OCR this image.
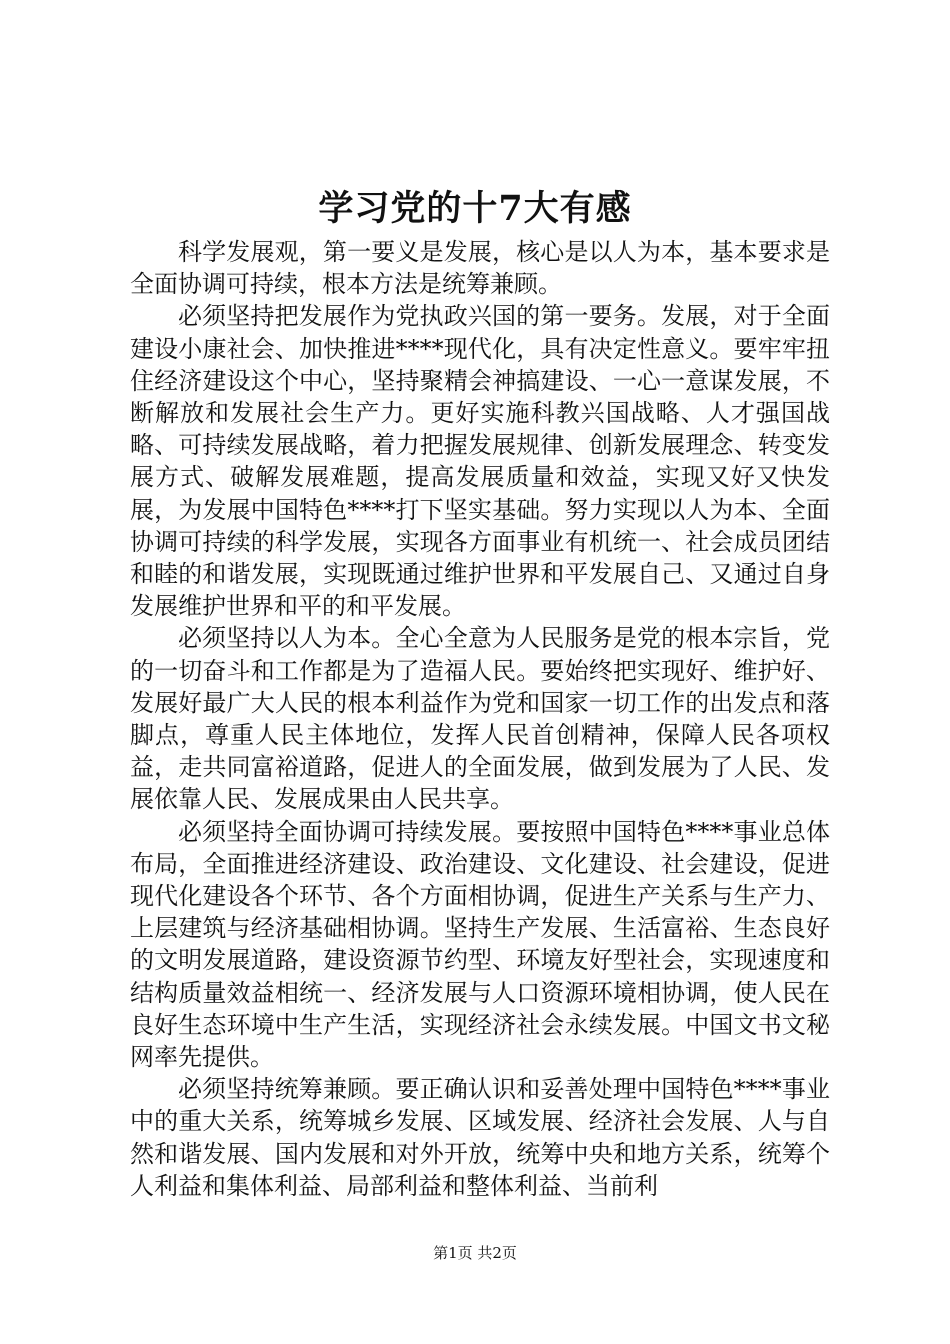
学习党的十7大有感

科学发展观，第一要义是发展，核心是以人为本，基本要求是全面协调可持续，根本方法是统筹兼顾。

必须坚持把发展作为党执政兴国的第一要务。发展，对于全面建设小康社会、加快推进****现代化，具有决定性意义。要牢牢扭住经济建设这个中心，坚持聚精会神搞建设、一心一意谋发展，不断解放和发展社会生产力。更好实施科教兴国战略、人才强国战略、可持续发展战略，着力把握发展规律、创新发展理念、转变发展方式、破解发展难题，提高发展质量和效益，实现又好又快发展，为发展中国特色****打下坚实基础。努力实现以人为本、全面协调可持续的科学发展，实现各方面事业有机统一、社会成员团结和睦的和谐发展，实现既通过维护世界和平发展自己、又通过自身发展维护世界和平的和平发展。

必须坚持以人为本。全心全意为人民服务是党的根本宗旨，党的一切奋斗和工作都是为了造福人民。要始终把实现好、维护好、发展好最广大人民的根本利益作为党和国家一切工作的出发点和落脚点，尊重人民主体地位，发挥人民首创精神，保障人民各项权益，走共同富裕道路，促进人的全面发展，做到发展为了人民、发展依靠人民、发展成果由人民共享。

必须坚持全面协调可持续发展。要按照中国特色****事业总体布局，全面推进经济建设、政治建设、文化建设、社会建设，促进现代化建设各个环节、各个方面相协调，促进生产关系与生产力、上层建筑与经济基础相协调。坚持生产发展、生活富裕、生态良好的文明发展道路，建设资源节约型、环境友好型社会，实现速度和结构质量效益相统一、经济发展与人口资源环境相协调，使人民在良好生态环境中生产生活，实现经济社会永续发展。中国文书文秘网率先提供。

必须坚持统筹兼顾。要正确认识和妥善处理中国特色****事业中的重大关系，统筹城乡发展、区域发展、经济社会发展、人与自然和谐发展、国内发展和对外开放，统筹中央和地方关系，统筹个人利益和集体利益、局部利益和整体利益、当前利

第1页 共2页
